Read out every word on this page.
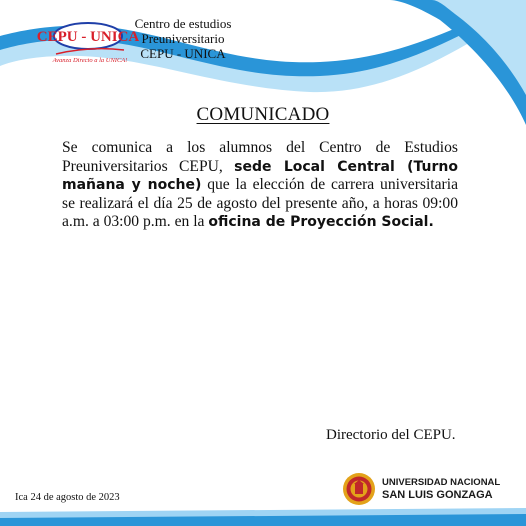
CEPU - UNICA
Avanza Directo a la UNICA!
Centro de estudios
Preuniversitario
CEPU - UNICA
COMUNICADO
Se comunica a los alumnos del Centro de Estudios Preuniversitarios CEPU, sede Local Central (Turno mañana y noche) que la elección de carrera universitaria se realizará el día 25 de agosto del presente año, a horas 09:00 a.m. a 03:00 p.m. en la oficina de Proyección Social.
Directorio del CEPU.
Ica 24 de agosto de 2023
UNIVERSIDAD NACIONAL
SAN LUIS GONZAGA
